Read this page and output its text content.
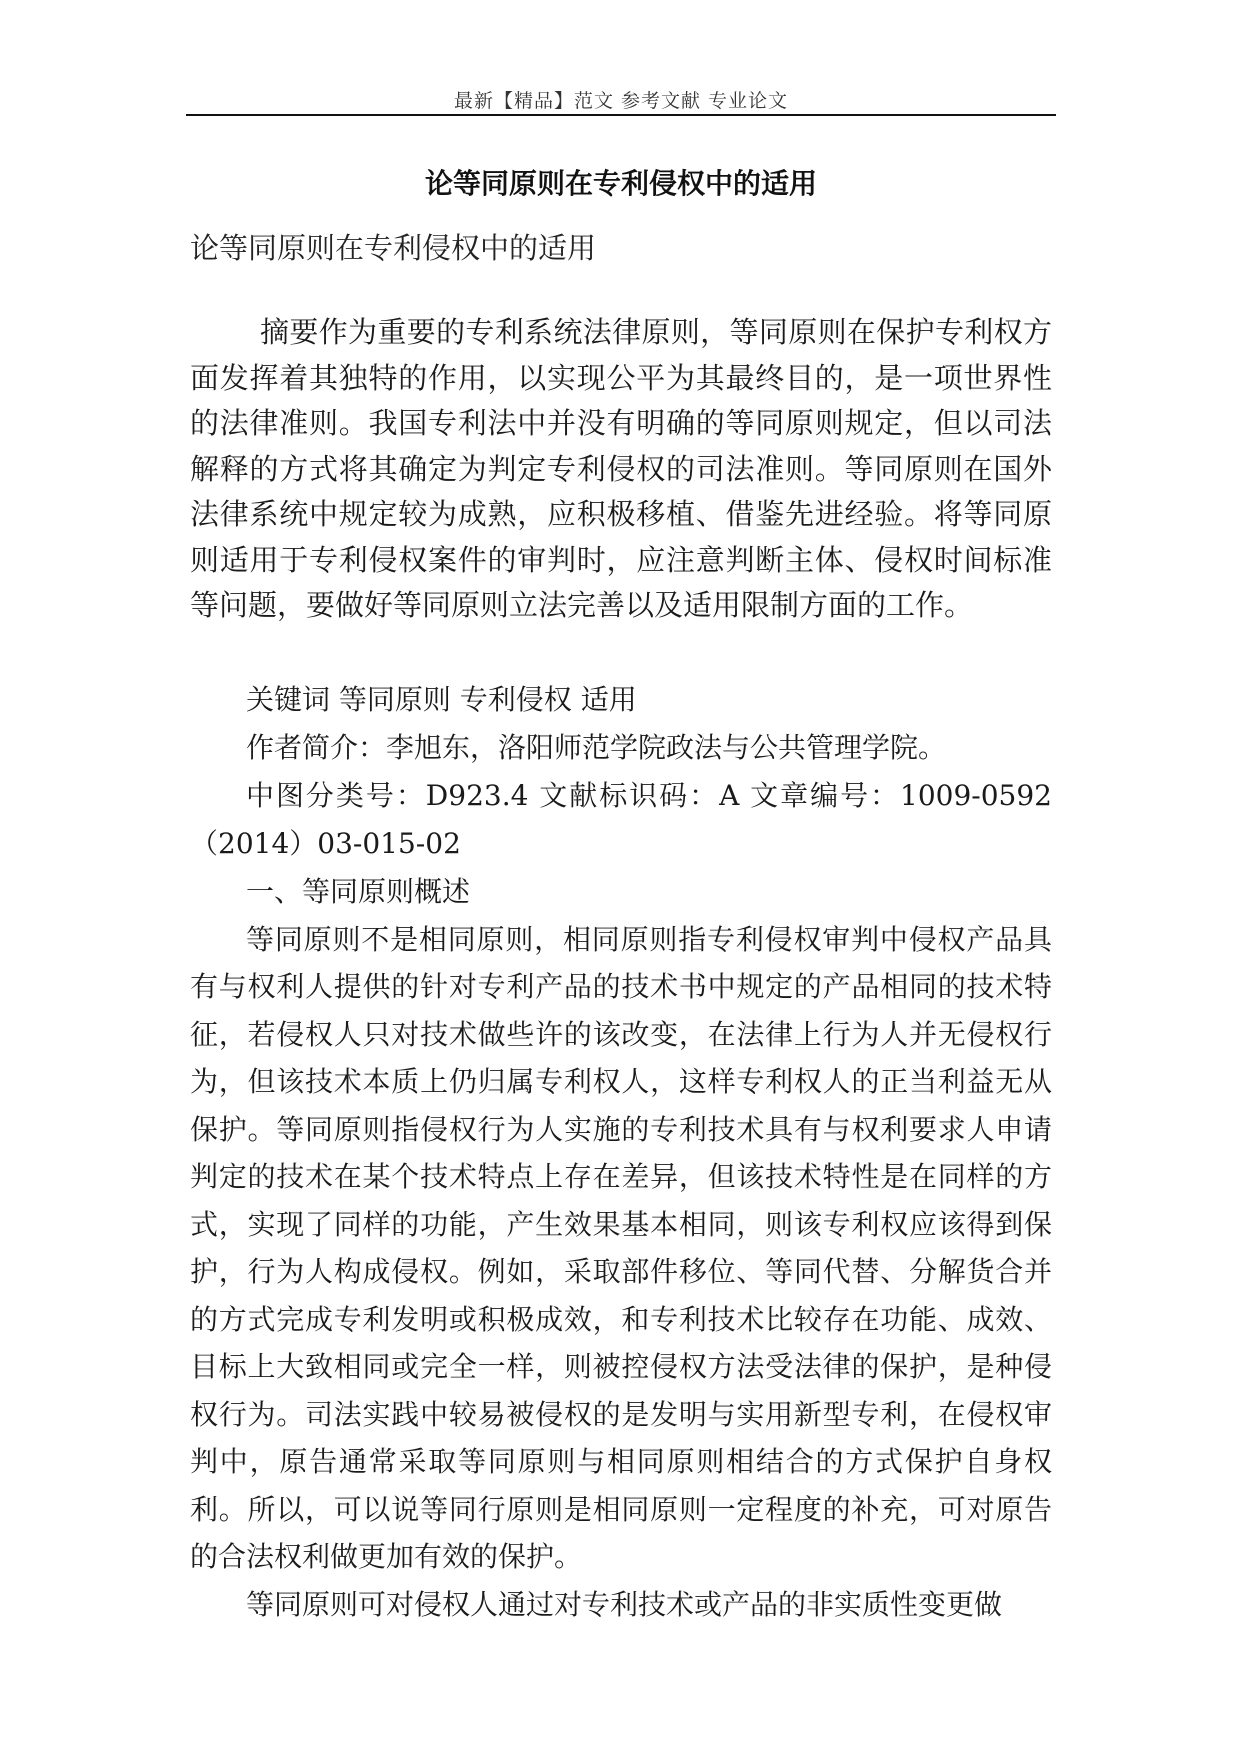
最新【精品】范文 参考文献 专业论文
论等同原则在专利侵权中的适用
论等同原则在专利侵权中的适用
摘要作为重要的专利系统法律原则，等同原则在保护专利权方面发挥着其独特的作用，以实现公平为其最终目的，是一项世界性的法律准则。我国专利法中并没有明确的等同原则规定，但以司法解释的方式将其确定为判定专利侵权的司法准则。等同原则在国外法律系统中规定较为成熟，应积极移植、借鉴先进经验。将等同原则适用于专利侵权案件的审判时，应注意判断主体、侵权时间标准等问题，要做好等同原则立法完善以及适用限制方面的工作。

关键词 等同原则 专利侵权 适用

作者简介：李旭东，洛阳师范学院政法与公共管理学院。

中图分类号：D923.4 文献标识码：A 文章编号：1009-0592（2014）03-015-02

一、等同原则概述

等同原则不是相同原则，相同原则指专利侵权审判中侵权产品具有与权利人提供的针对专利产品的技术书中规定的产品相同的技术特征，若侵权人只对技术做些许的该改变，在法律上行为人并无侵权行为，但该技术本质上仍归属专利权人，这样专利权人的正当利益无从保护。等同原则指侵权行为人实施的专利技术具有与权利要求人申请判定的技术在某个技术特点上存在差异，但该技术特性是在同样的方式，实现了同样的功能，产生效果基本相同，则该专利权应该得到保护，行为人构成侵权。例如，采取部件移位、等同代替、分解货合并的方式完成专利发明或积极成效，和专利技术比较存在功能、成效、目标上大致相同或完全一样，则被控侵权方法受法律的保护，是种侵权行为。司法实践中较易被侵权的是发明与实用新型专利，在侵权审判中，原告通常采取等同原则与相同原则相结合的方式保护自身权利。所以，可以说等同行原则是相同原则一定程度的补充，可对原告的合法权利做更加有效的保护。

等同原则可对侵权人通过对专利技术或产品的非实质性变更做
